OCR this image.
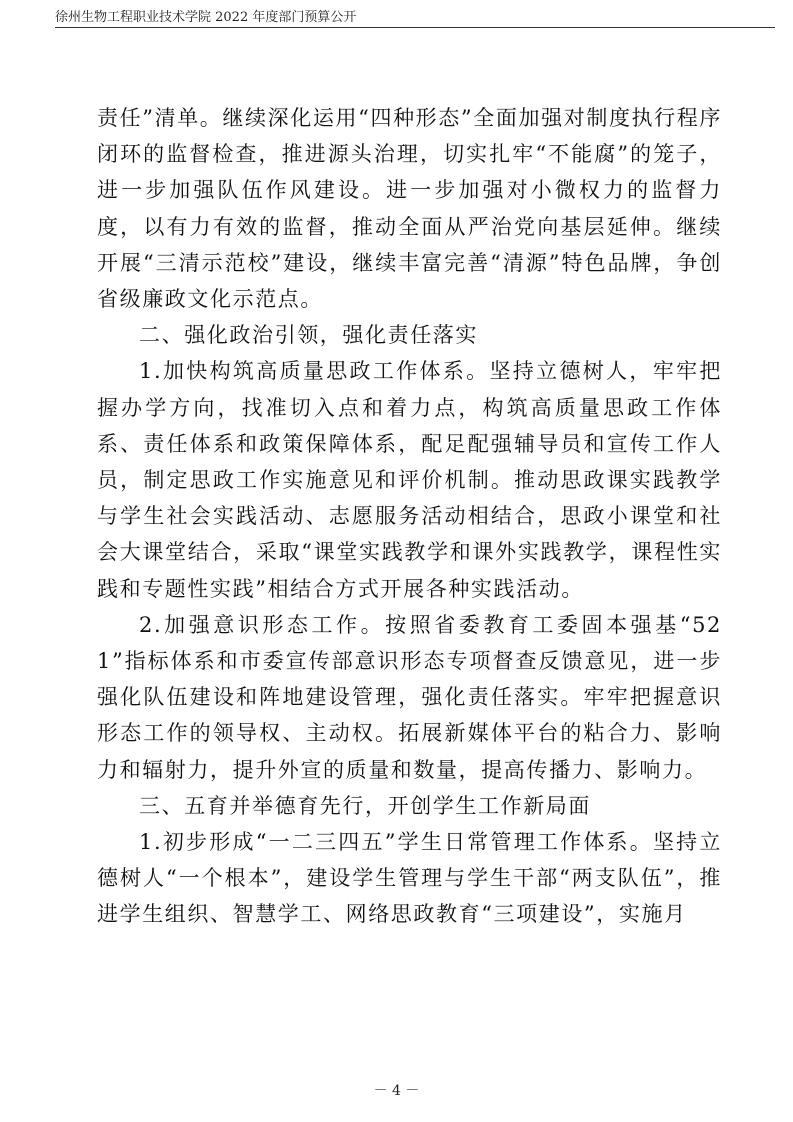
徐州生物工程职业技术学院 2022 年度部门预算公开

责任”清单。继续深化运用“四种形态”全面加强对制度执行程序闭环的监督检查，推进源头治理，切实扎牢“不能腐”的笼子，进一步加强队伍作风建设。进一步加强对小微权力的监督力度，以有力有效的监督，推动全面从严治党向基层延伸。继续开展“三清示范校”建设，继续丰富完善“清源”特色品牌，争创省级廉政文化示范点。

二、强化政治引领，强化责任落实

1.加快构筑高质量思政工作体系。坚持立德树人，牢牢把握办学方向，找准切入点和着力点，构筑高质量思政工作体系、责任体系和政策保障体系，配足配强辅导员和宣传工作人员，制定思政工作实施意见和评价机制。推动思政课实践教学与学生社会实践活动、志愿服务活动相结合，思政小课堂和社会大课堂结合，采取“课堂实践教学和课外实践教学，课程性实践和专题性实践”相结合方式开展各种实践活动。

2.加强意识形态工作。按照省委教育工委固本强基“521”指标体系和市委宣传部意识形态专项督查反馈意见，进一步强化队伍建设和阵地建设管理，强化责任落实。牢牢把握意识形态工作的领导权、主动权。拓展新媒体平台的粘合力、影响力和辐射力，提升外宣的质量和数量，提高传播力、影响力。

三、五育并举德育先行，开创学生工作新局面

1.初步形成“一二三四五”学生日常管理工作体系。坚持立德树人“一个根本”，建设学生管理与学生干部“两支队伍”，推进学生组织、智慧学工、网络思政教育“三项建设”，实施月

－ 4 －
